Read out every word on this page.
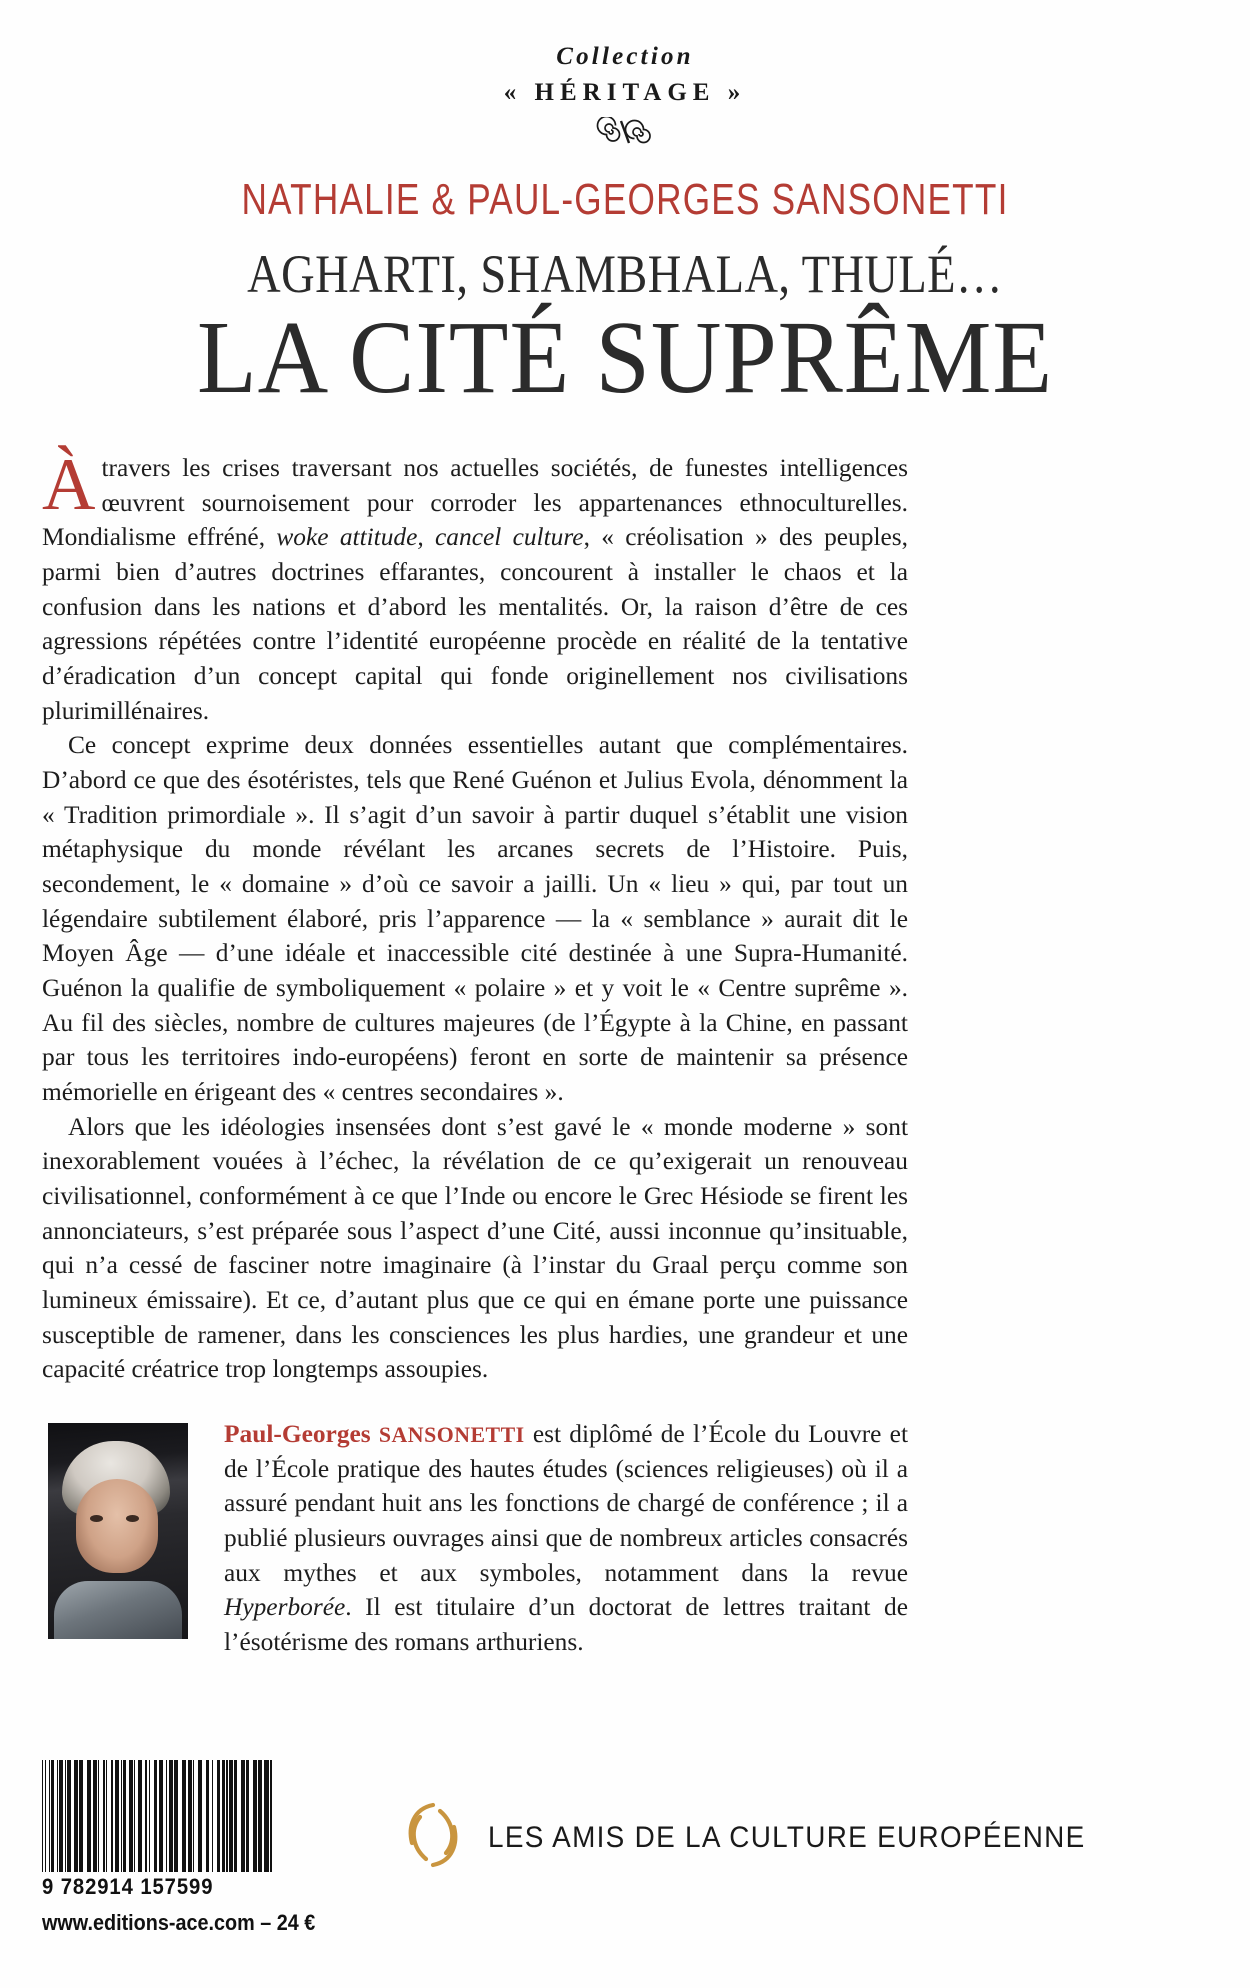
Collection
« HÉRITAGE »
NATHALIE & PAUL-GEORGES SANSONETTI
AGHARTI, SHAMBHALA, THULÉ…
LA CITÉ SUPRÊME

À travers les crises traversant nos actuelles sociétés, de funestes intelligences œuvrent sournoisement pour corroder les appartenances ethnoculturelles. Mondialisme effréné, woke attitude, cancel culture, « créolisation » des peuples, parmi bien d’autres doctrines effarantes, concourent à installer le chaos et la confusion dans les nations et d’abord les mentalités. Or, la raison d’être de ces agressions répétées contre l’identité européenne procède en réalité de la tentative d’éradication d’un concept capital qui fonde originellement nos civilisations plurimillénaires.

Ce concept exprime deux données essentielles autant que complémentaires. D’abord ce que des ésotéristes, tels que René Guénon et Julius Evola, dénomment la « Tradition primordiale ». Il s’agit d’un savoir à partir duquel s’établit une vision métaphysique du monde révélant les arcanes secrets de l’Histoire. Puis, secondement, le « domaine » d’où ce savoir a jailli. Un « lieu » qui, par tout un légendaire subtilement élaboré, pris l’apparence — la « semblance » aurait dit le Moyen Âge — d’une idéale et inaccessible cité destinée à une Supra-Humanité. Guénon la qualifie de symboliquement « polaire » et y voit le « Centre suprême ». Au fil des siècles, nombre de cultures majeures (de l’Égypte à la Chine, en passant par tous les territoires indo-européens) feront en sorte de maintenir sa présence mémorielle en érigeant des « centres secondaires ».

Alors que les idéologies insensées dont s’est gavé le « monde moderne » sont inexorablement vouées à l’échec, la révélation de ce qu’exigerait un renouveau civilisationnel, conformément à ce que l’Inde ou encore le Grec Hésiode se firent les annonciateurs, s’est préparée sous l’aspect d’une Cité, aussi inconnue qu’insituable, qui n’a cessé de fasciner notre imaginaire (à l’instar du Graal perçu comme son lumineux émissaire). Et ce, d’autant plus que ce qui en émane porte une puissance susceptible de ramener, dans les consciences les plus hardies, une grandeur et une capacité créatrice trop longtemps assoupies.

Paul-Georges SANSONETTI est diplômé de l’École du Louvre et de l’École pratique des hautes études (sciences religieuses) où il a assuré pendant huit ans les fonctions de chargé de conférence ; il a publié plusieurs ouvrages ainsi que de nombreux articles consacrés aux mythes et aux symboles, notamment dans la revue Hyperborée. Il est titulaire d’un doctorat de lettres traitant de l’ésotérisme des romans arthuriens.
9 782914 157599
www.editions-ace.com – 24 €
LES AMIS DE LA CULTURE EUROPÉENNE
